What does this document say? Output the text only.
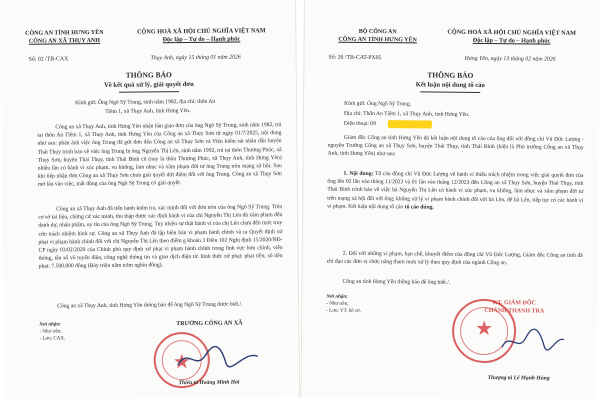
CÔNG AN TỈNH HƯNG YÊN
CÔNG AN XÃ THỤY ANH
CỘNG HOÀ XÃ HỘI CHỦ NGHĨA VIỆT NAM
Độc lập – Tự do – Hạnh phúc
Số: 02 /TB-CAX	Thụy Anh, ngày 15 tháng 01 năm 2026
THÔNG BÁO
Về kết quả xử lý, giải quyết đơn
Kính gửi: Ông Ngô Sỹ Trung, sinh năm 1982, địa chỉ: thôn An
Tiêm 1, xã Thụy Anh, tỉnh Hưng Yên.
Công an xã Thụy Anh, tỉnh Hưng Yên nhận bàn giao đơn của ông Ngô Sỹ Trung, sinh năm 1982, trú tại thôn An Tiêm 1, xã Thụy Anh, tỉnh Hưng Yên của Công an xã Thụy Sơn từ ngày 01/7/2025, nội dung như sau: phản ánh việc ông Trung đã gửi đơn đến Công an xã Thụy Sơn và Viện kiểm sát nhân dân huyện Thái Thụy trình báo về việc ông Trung bị ông Nguyễn Thị Lên, sinh năm 1992, trú tại thôn Thượng Phúc, xã Thụy Sơn, huyện Thái Thụy, tỉnh Thái Bình cũ (nay là thôn Thượng Phúc, xã Thụy Anh, tỉnh Hưng Yên) nhiều lần có hành vi xúc phạm, vu khống, làm nhục và xâm phạm đời tư ông Trung trên mạng xã hội. Sau khi tiếp nhận đơn Công an xã Thụy Sơn chưa giải quyết dứt điểm đối với ông Trung. Công an xã Thụy Sơn mở lâu vào việc, mất động của ông Ngô Sỹ Trung có giải quyết.
Công an xã Thụy Anh đã tiến hành kiểm tra, xác minh đối với đơn trên của ông Ngô Sỹ Trung. Trên cơ sở tài liệu, chứng cứ xác minh, thu thập được xác định hành vi của chị Nguyễn Thị Lên đã xâm phạm đến danh dự, nhân phẩm, uy tín của ông Ngô Sỹ Trung. Tuy nhiên sự thật hành vi của chị Lên chưa đến mức truy cứu trách nhiệm hình sự. Công an xã Thụy Anh đã lập biên bản vi phạm hành chính và ra Quyết định xử phạt vi phạm hành chính đối với chị Nguyễn Thị Lên theo điểm g khoản 3 Điều 102 Nghị định 15/2020/NĐ-CP ngày 03/02/2020 của Chính phủ quy định xử phạt vi phạm hành chính trong lĩnh vực bưu chính, viễn thông, tần số vô tuyến điện, công nghệ thông tin và giao dịch điện tử. hình thức xử phạt: phạt tiền; số tiền phạt: 7.500.000 đồng (Bảy triệu năm trăm nghìn đồng).
Công an xã Thụy Anh, tỉnh Hưng Yên thông báo để ông Ngô Sỹ Trung được biết./.
Nơi nhận:
- Như trên;
- Lưu: CAX.
TRƯỞNG CÔNG AN XÃ
★
Thiếu tá Hoàng Minh Hải
BỘ CÔNG AN
CÔNG AN TỈNH HƯNG YÊN
CỘNG HOÀ XÃ HỘI CHỦ NGHĨA VIỆT NAM
Độc lập – Tự do – Hạnh phúc
Số: 26 /TB-CAT-PX05	Hưng Yên, ngày 13 tháng 02 năm 2026
THÔNG BÁO
Kết luận nội dung tố cáo
Kính gửi: Ông Ngô Sỹ Trung.
Địa chỉ: Thôn An Tiêm 1, xã Thụy Anh, tỉnh Hưng Yên.
Điện thoại: 09
Giám đốc Công an tỉnh Hưng Yên đã kết luận nội dung tố cáo của ông đối với đồng chí Vũ Đức Lượng - nguyên Trưởng Công an xã Thụy Sơn, huyện Thái Thụy, tỉnh Thái Bình (hiện là Phó trưởng Công an xã Thụy Anh, tỉnh Hưng Yên) như sau:
1. Nội dung: Tố cáo đồng chí Vũ Đức Lượng về hành vi thiếu trách nhiệm trong việc giải quyết đơn của ông lên 02 lần vào tháng 11/2023 và 01 lần vào tháng 12/2023 đến Công an xã Thụy Sơn, huyện Thái Thụy, tỉnh Thái Bình trình báo về việc bà Nguyễn Thị Lên có hành vi xúc phạm, vu khống, làm nhục và xâm phạm đời tư trên mạng xã hội đối với ông; không xử lý vi phạm hành chính đối với bà Lên, để bà Lên, tiếp tục có các hành vi vi phạm. Kết luận nội dung tố cáo tố cáo đúng.
2. Đối với những vi phạm, hạn chế, khuyết điểm của đồng chí Vũ Đức Lượng, Giám đốc Công an tỉnh đã chỉ đạo các đơn vị chức năng tham mưu xử lý theo quy định của ngành Công an.
Công an tỉnh Hưng Yên thông báo để ông biết./.
Nơi nhận:
- Như trên;
- Lưu: VT, hồ sơ.
★
KT. GIÁM ĐỐC
CHÁNH THANH TRA
Thượng tá Lê Mạnh Hùng
